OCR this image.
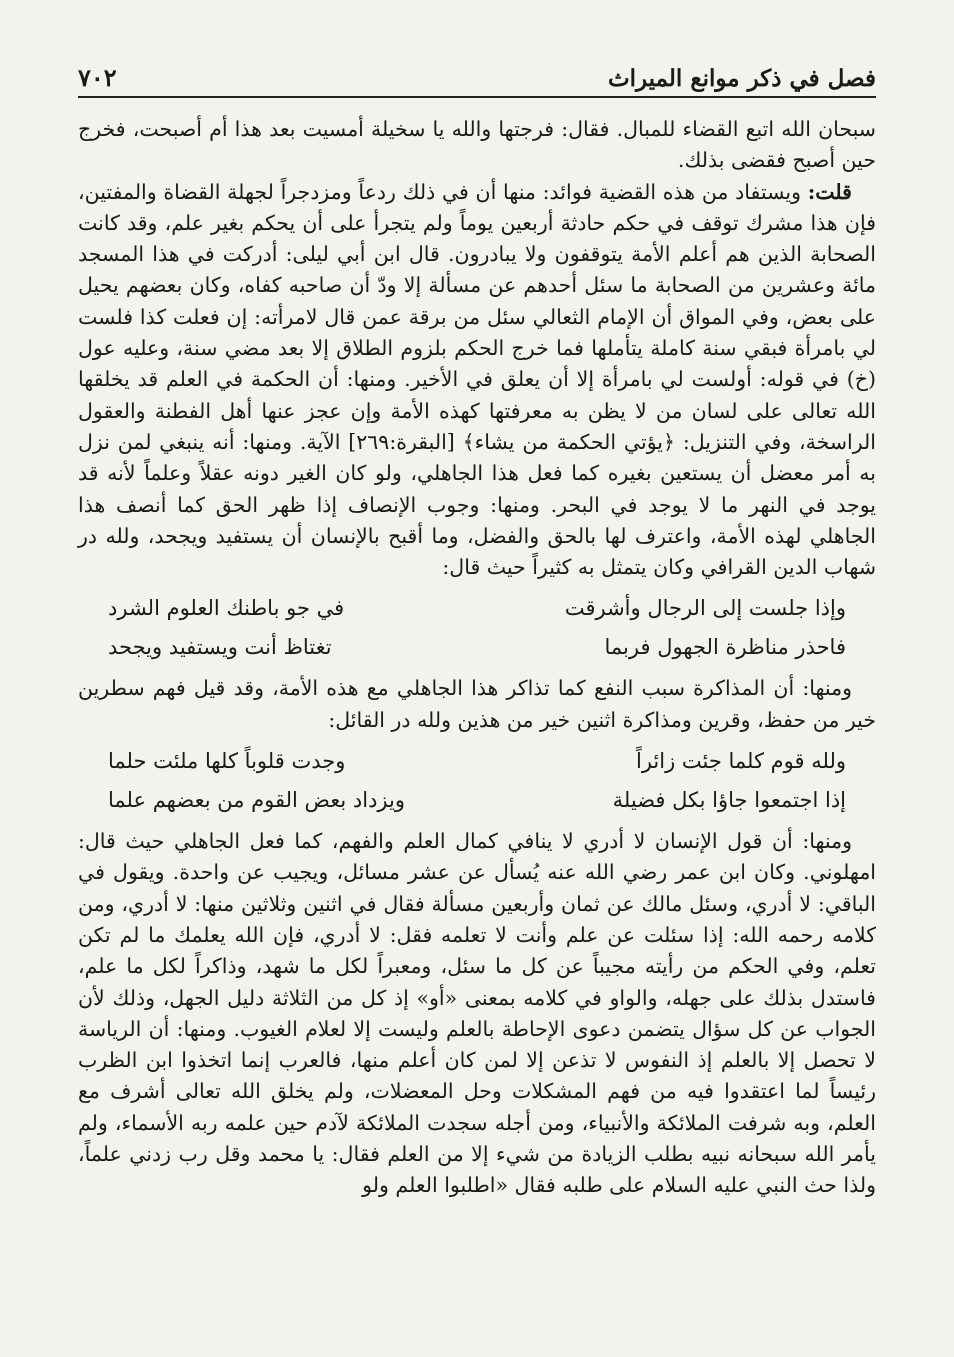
فصل في ذكر موانع الميراث
٧٠٢

سبحان الله اتبع القضاء للمبال. فقال: فرجتها والله يا سخيلة أمسيت بعد هذا أم أصبحت، فخرج حين أصبح فقضى بذلك.

قلت: ويستفاد من هذه القضية فوائد: منها أن في ذلك ردعاً ومزدجراً لجهلة القضاة والمفتين، فإن هذا مشرك توقف في حكم حادثة أربعين يوماً ولم يتجرأ على أن يحكم بغير علم، وقد كانت الصحابة الذين هم أعلم الأمة يتوقفون ولا يبادرون. قال ابن أبي ليلى: أدركت في هذا المسجد مائة وعشرين من الصحابة ما سئل أحدهم عن مسألة إلا ودّ أن صاحبه كفاه، وكان بعضهم يحيل على بعض، وفي المواق أن الإمام الثعالي سئل من برقة عمن قال لامرأته: إن فعلت كذا فلست لي بامرأة فبقي سنة كاملة يتأملها فما خرج الحكم بلزوم الطلاق إلا بعد مضي سنة، وعليه عول (خ) في قوله: أولست لي بامرأة إلا أن يعلق في الأخير. ومنها: أن الحكمة في العلم قد يخلقها الله تعالى على لسان من لا يظن به معرفتها كهذه الأمة وإن عجز عنها أهل الفطنة والعقول الراسخة، وفي التنزيل: ﴿يؤتي الحكمة من يشاء﴾ [البقرة:٢٦٩] الآية. ومنها: أنه ينبغي لمن نزل به أمر معضل أن يستعين بغيره كما فعل هذا الجاهلي، ولو كان الغير دونه عقلاً وعلماً لأنه قد يوجد في النهر ما لا يوجد في البحر. ومنها: وجوب الإنصاف إذا ظهر الحق كما أنصف هذا الجاهلي لهذه الأمة، واعترف لها بالحق والفضل، وما أقبح بالإنسان أن يستفيد ويجحد، ولله در شهاب الدين القرافي وكان يتمثل به كثيراً حيث قال:

وإذا جلست إلى الرجال وأشرقت
في جو باطنك العلوم الشرد
فاحذر مناظرة الجهول فربما
تغتاظ أنت ويستفيد ويجحد

ومنها: أن المذاكرة سبب النفع كما تذاكر هذا الجاهلي مع هذه الأمة، وقد قيل فهم سطرين خير من حفظ، وقرين ومذاكرة اثنين خير من هذين ولله در القائل:

ولله قوم كلما جئت زائراً
وجدت قلوباً كلها ملئت حلما
إذا اجتمعوا جاؤا بكل فضيلة
ويزداد بعض القوم من بعضهم علما

ومنها: أن قول الإنسان لا أدري لا ينافي كمال العلم والفهم، كما فعل الجاهلي حيث قال: امهلوني. وكان ابن عمر رضي الله عنه يُسأل عن عشر مسائل، ويجيب عن واحدة. ويقول في الباقي: لا أدري، وسئل مالك عن ثمان وأربعين مسألة فقال في اثنين وثلاثين منها: لا أدري، ومن كلامه رحمه الله: إذا سئلت عن علم وأنت لا تعلمه فقل: لا أدري، فإن الله يعلمك ما لم تكن تعلم، وفي الحكم من رأيته مجيباً عن كل ما سئل، ومعبراً لكل ما شهد، وذاكراً لكل ما علم، فاستدل بذلك على جهله، والواو في كلامه بمعنى «أو» إذ كل من الثلاثة دليل الجهل، وذلك لأن الجواب عن كل سؤال يتضمن دعوى الإحاطة بالعلم وليست إلا لعلام الغيوب. ومنها: أن الرياسة لا تحصل إلا بالعلم إذ النفوس لا تذعن إلا لمن كان أعلم منها، فالعرب إنما اتخذوا ابن الظرب رئيساً لما اعتقدوا فيه من فهم المشكلات وحل المعضلات، ولم يخلق الله تعالى أشرف مع العلم، وبه شرفت الملائكة والأنبياء، ومن أجله سجدت الملائكة لآدم حين علمه ربه الأسماء، ولم يأمر الله سبحانه نبيه بطلب الزيادة من شيء إلا من العلم فقال: يا محمد وقل رب زدني علماً، ولذا حث النبي عليه السلام على طلبه فقال «اطلبوا العلم ولو
